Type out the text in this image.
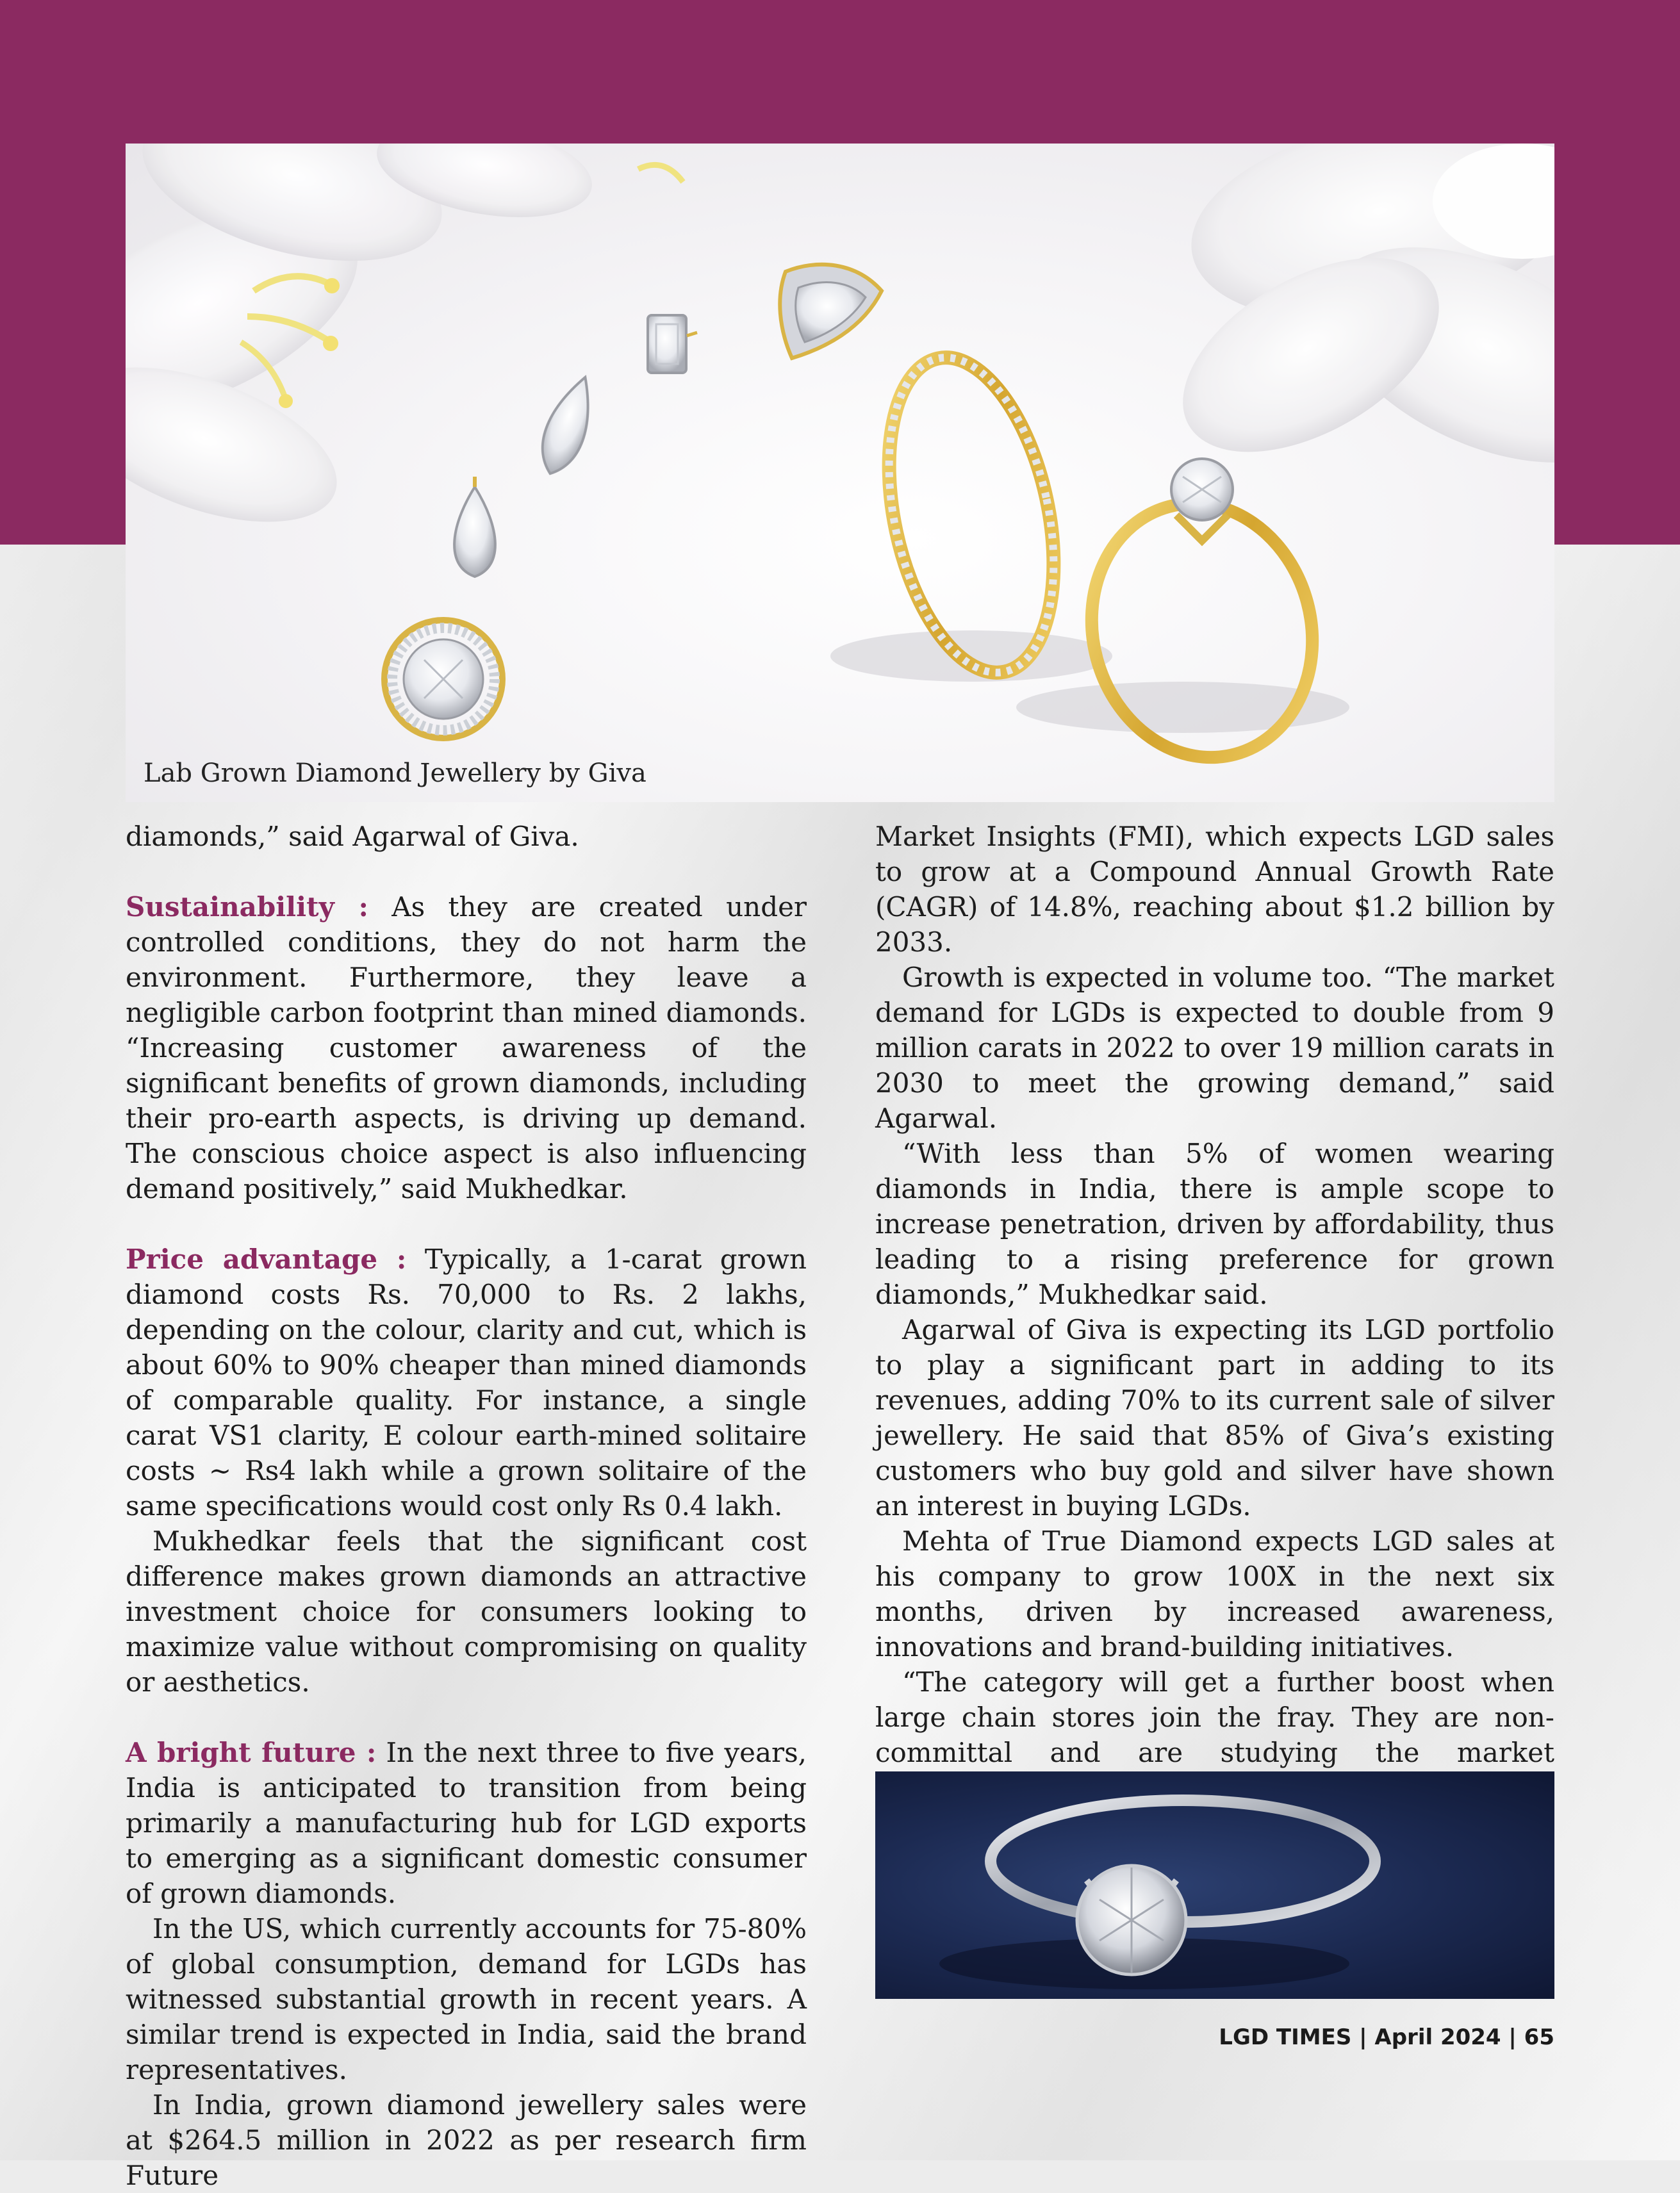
Lab Grown Diamond Jewellery by Giva

diamonds,” said Agarwal of Giva.

Sustainability : As they are created under controlled conditions, they do not harm the environment. Furthermore, they leave a negligible carbon footprint than mined diamonds. “Increasing customer awareness of the significant benefits of grown diamonds, including their pro-earth aspects, is driving up demand. The conscious choice aspect is also influencing demand positively,” said Mukhedkar.

Price advantage : Typically, a 1-carat grown diamond costs Rs. 70,000 to Rs. 2 lakhs, depending on the colour, clarity and cut, which is about 60% to 90% cheaper than mined diamonds of comparable quality. For instance, a single carat VS1 clarity, E colour earth-mined solitaire costs ~ Rs4 lakh while a grown solitaire of the same specifications would cost only Rs 0.4 lakh.

Mukhedkar feels that the significant cost difference makes grown diamonds an attractive investment choice for consumers looking to maximize value without compromising on quality or aesthetics.

A bright future : In the next three to five years, India is anticipated to transition from being primarily a manufacturing hub for LGD exports to emerging as a significant domestic consumer of grown diamonds.

In the US, which currently accounts for 75-80% of global consumption, demand for LGDs has witnessed substantial growth in recent years. A similar trend is expected in India, said the brand representatives.

In India, grown diamond jewellery sales were at $264.5 million in 2022 as per research firm Future

Market Insights (FMI), which expects LGD sales to grow at a Compound Annual Growth Rate (CAGR) of 14.8%, reaching about $1.2 billion by 2033.

Growth is expected in volume too. “The market demand for LGDs is expected to double from 9 million carats in 2022 to over 19 million carats in 2030 to meet the growing demand,” said Agarwal.

“With less than 5% of women wearing diamonds in India, there is ample scope to increase penetration, driven by affordability, thus leading to a rising preference for grown diamonds,” Mukhedkar said.

Agarwal of Giva is expecting its LGD portfolio to play a significant part in adding to its revenues, adding 70% to its current sale of silver jewellery. He said that 85% of Giva’s existing customers who buy gold and silver have shown an interest in buying LGDs.

Mehta of True Diamond expects LGD sales at his company to grow 100X in the next six months, driven by increased awareness, innovations and brand-building initiatives.

“The category will get a further boost when large chain stores join the fray. They are non-committal and are studying the market

LGD TIMES | April 2024 | 65
